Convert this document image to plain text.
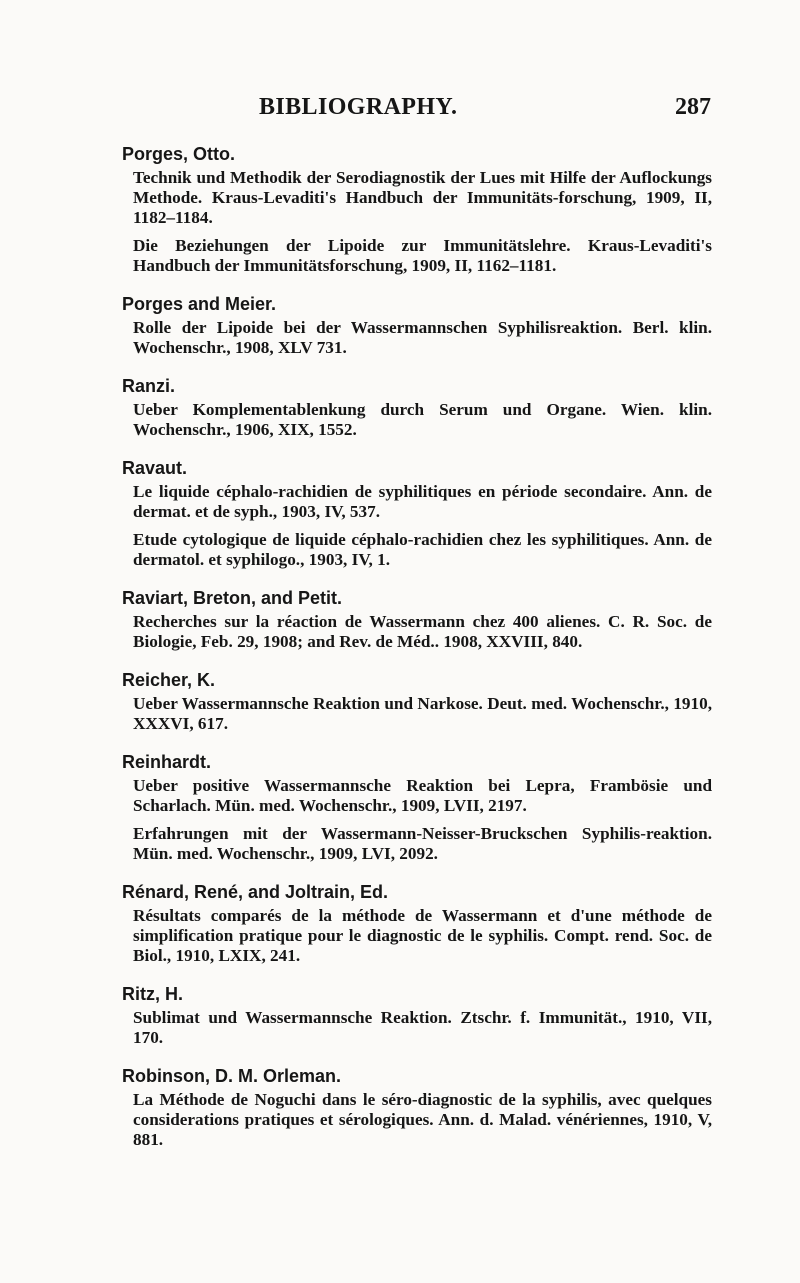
BIBLIOGRAPHY.	287
Porges, Otto.
Technik und Methodik der Serodiagnostik der Lues mit Hilfe der Auflockungs Methode. Kraus-Levaditi's Handbuch der Immunitäts-forschung, 1909, II, 1182–1184.
Die Beziehungen der Lipoide zur Immunitätslehre. Kraus-Levaditi's Handbuch der Immunitätsforschung, 1909, II, 1162–1181.
Porges and Meier.
Rolle der Lipoide bei der Wassermannschen Syphilisreaktion. Berl. klin. Wochenschr., 1908, XLV 731.
Ranzi.
Ueber Komplementablenkung durch Serum und Organe. Wien. klin. Wochenschr., 1906, XIX, 1552.
Ravaut.
Le liquide céphalo-rachidien de syphilitiques en période secondaire. Ann. de dermat. et de syph., 1903, IV, 537.
Etude cytologique de liquide céphalo-rachidien chez les syphilitiques. Ann. de dermatol. et syphilogo., 1903, IV, 1.
Raviart, Breton, and Petit.
Recherches sur la réaction de Wassermann chez 400 alienes. C. R. Soc. de Biologie, Feb. 29, 1908; and Rev. de Méd.. 1908, XXVIII, 840.
Reicher, K.
Ueber Wassermannsche Reaktion und Narkose. Deut. med. Wochenschr., 1910, XXXVI, 617.
Reinhardt.
Ueber positive Wassermannsche Reaktion bei Lepra, Frambösie und Scharlach. Mün. med. Wochenschr., 1909, LVII, 2197.
Erfahrungen mit der Wassermann-Neisser-Bruckschen Syphilis-reaktion. Mün. med. Wochenschr., 1909, LVI, 2092.
Rénard, René, and Joltrain, Ed.
Résultats comparés de la méthode de Wassermann et d'une méthode de simplification pratique pour le diagnostic de le syphilis. Compt. rend. Soc. de Biol., 1910, LXIX, 241.
Ritz, H.
Sublimat und Wassermannsche Reaktion. Ztschr. f. Immunität., 1910, VII, 170.
Robinson, D. M. Orleman.
La Méthode de Noguchi dans le séro-diagnostic de la syphilis, avec quelques considerations pratiques et sérologiques. Ann. d. Malad. vénériennes, 1910, V, 881.
